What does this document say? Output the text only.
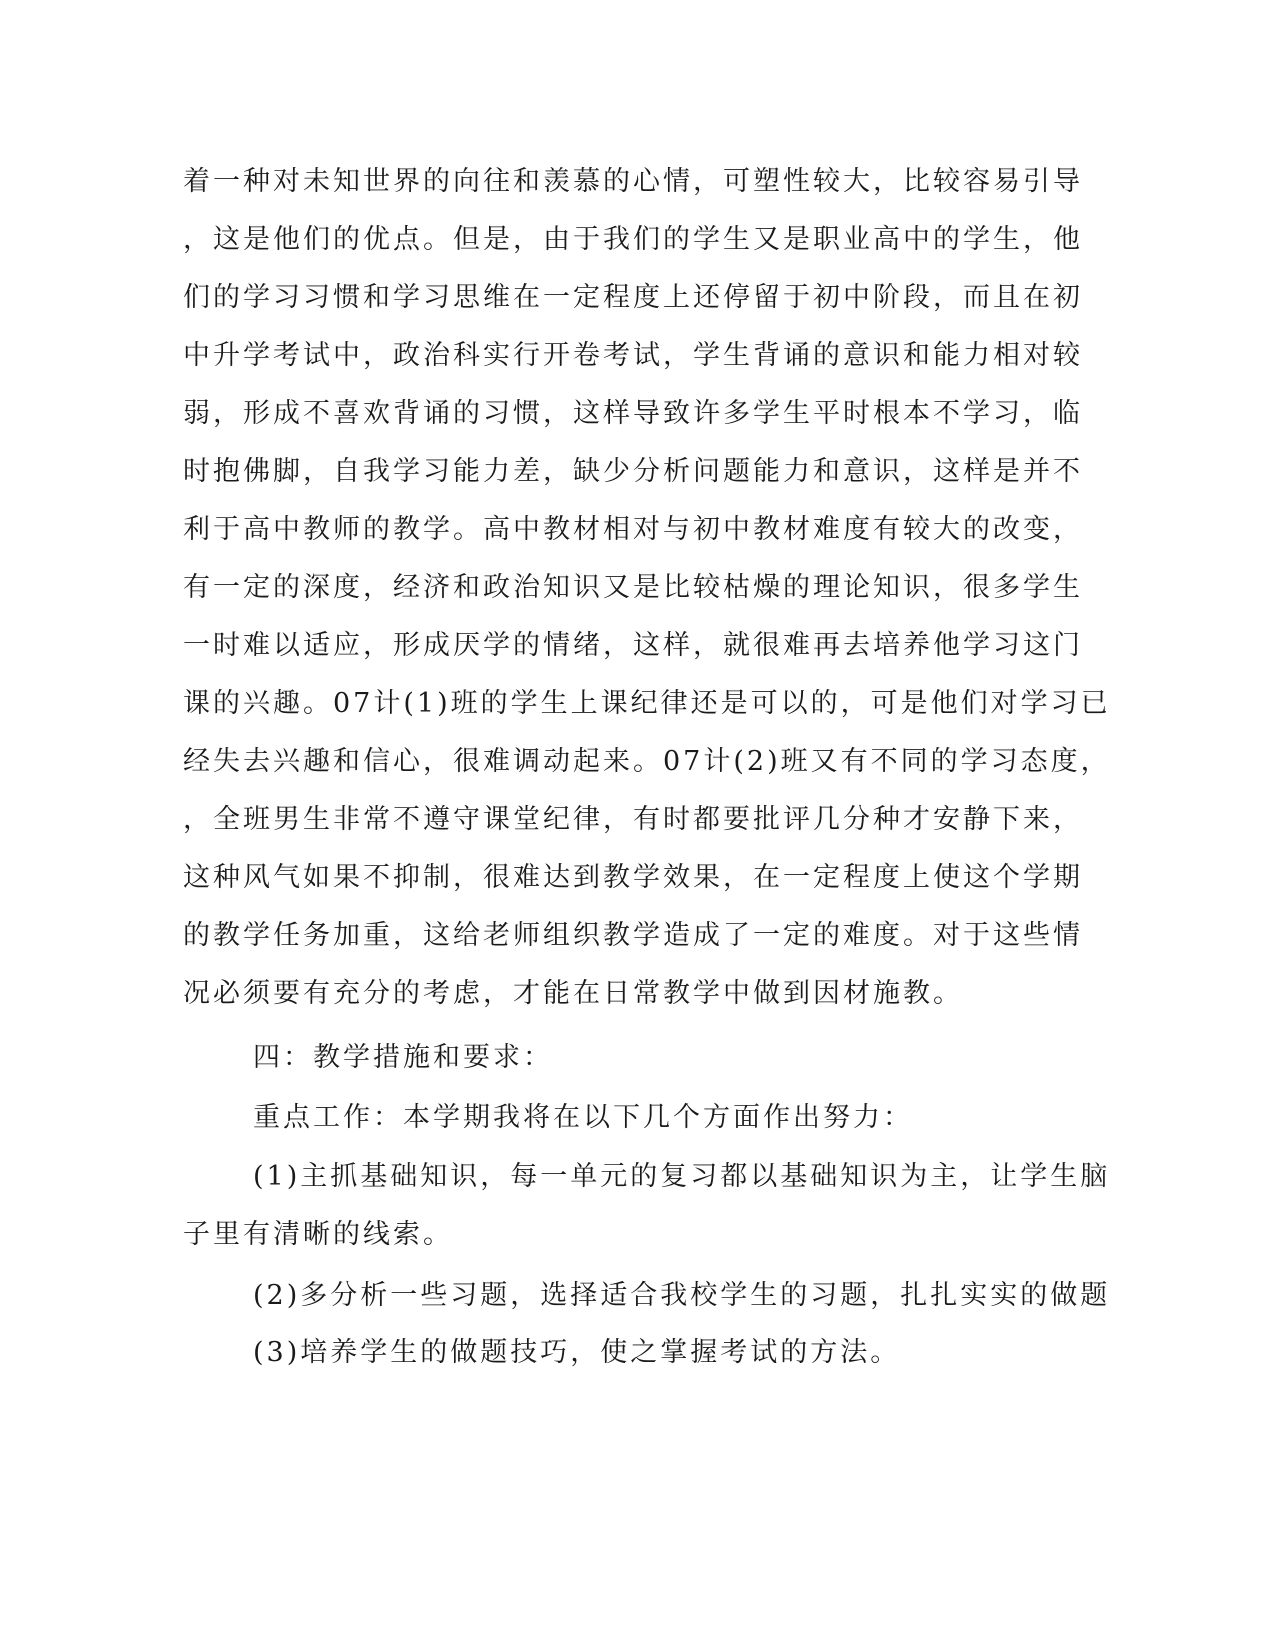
着一种对未知世界的向往和羡慕的心情，可塑性较大，比较容易引导
，这是他们的优点。但是，由于我们的学生又是职业高中的学生，他
们的学习习惯和学习思维在一定程度上还停留于初中阶段，而且在初
中升学考试中，政治科实行开卷考试，学生背诵的意识和能力相对较
弱，形成不喜欢背诵的习惯，这样导致许多学生平时根本不学习，临
时抱佛脚，自我学习能力差，缺少分析问题能力和意识，这样是并不
利于高中教师的教学。高中教材相对与初中教材难度有较大的改变，
有一定的深度，经济和政治知识又是比较枯燥的理论知识，很多学生
一时难以适应，形成厌学的情绪，这样，就很难再去培养他学习这门
课的兴趣。07计(1)班的学生上课纪律还是可以的，可是他们对学习已
经失去兴趣和信心，很难调动起来。07计(2)班又有不同的学习态度，
，全班男生非常不遵守课堂纪律，有时都要批评几分种才安静下来，
这种风气如果不抑制，很难达到教学效果，在一定程度上使这个学期
的教学任务加重，这给老师组织教学造成了一定的难度。对于这些情
况必须要有充分的考虑，才能在日常教学中做到因材施教。
四：教学措施和要求：
重点工作：本学期我将在以下几个方面作出努力：
(1)主抓基础知识，每一单元的复习都以基础知识为主，让学生脑
子里有清晰的线索。
(2)多分析一些习题，选择适合我校学生的习题，扎扎实实的做题
(3)培养学生的做题技巧，使之掌握考试的方法。
